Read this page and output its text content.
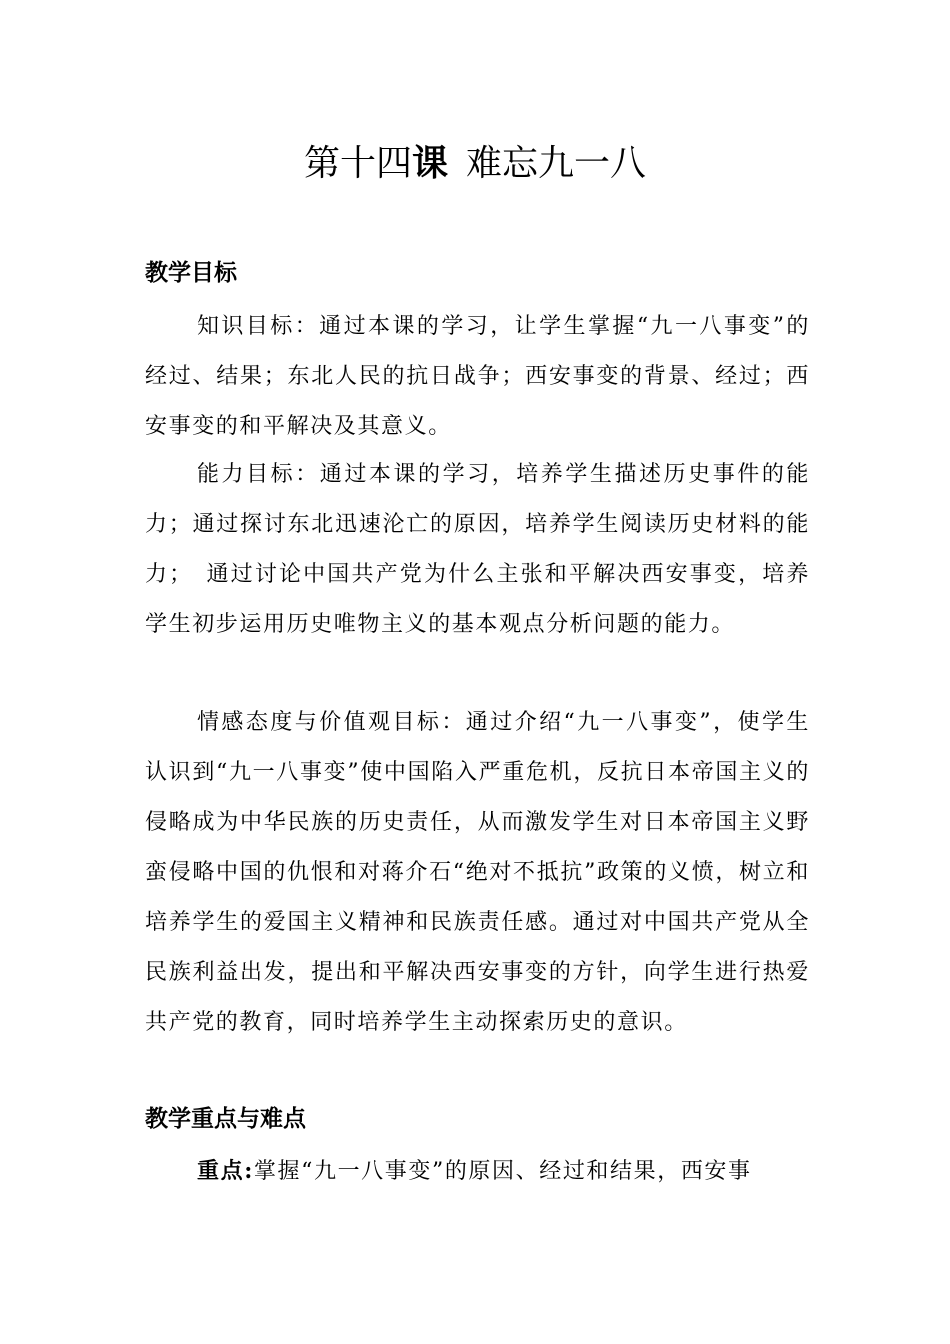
第十四课 难忘九一八
教学目标

知识目标：通过本课的学习，让学生掌握“九一八事变”的经过、结果；东北人民的抗日战争；西安事变的背景、经过；西安事变的和平解决及其意义。

能力目标：通过本课的学习，培养学生描述历史事件的能力；通过探讨东北迅速沦亡的原因，培养学生阅读历史材料的能力；　通过讨论中国共产党为什么主张和平解决西安事变，培养学生初步运用历史唯物主义的基本观点分析问题的能力。

情感态度与价值观目标：通过介绍“九一八事变”，使学生认识到“九一八事变”使中国陷入严重危机，反抗日本帝国主义的侵略成为中华民族的历史责任，从而激发学生对日本帝国主义野蛮侵略中国的仇恨和对蒋介石“绝对不抵抗”政策的义愤，树立和培养学生的爱国主义精神和民族责任感。通过对中国共产党从全民族利益出发，提出和平解决西安事变的方针，向学生进行热爱共产党的教育，同时培养学生主动探索历史的意识。

教学重点与难点

重点:掌握“九一八事变”的原因、经过和结果，西安事
